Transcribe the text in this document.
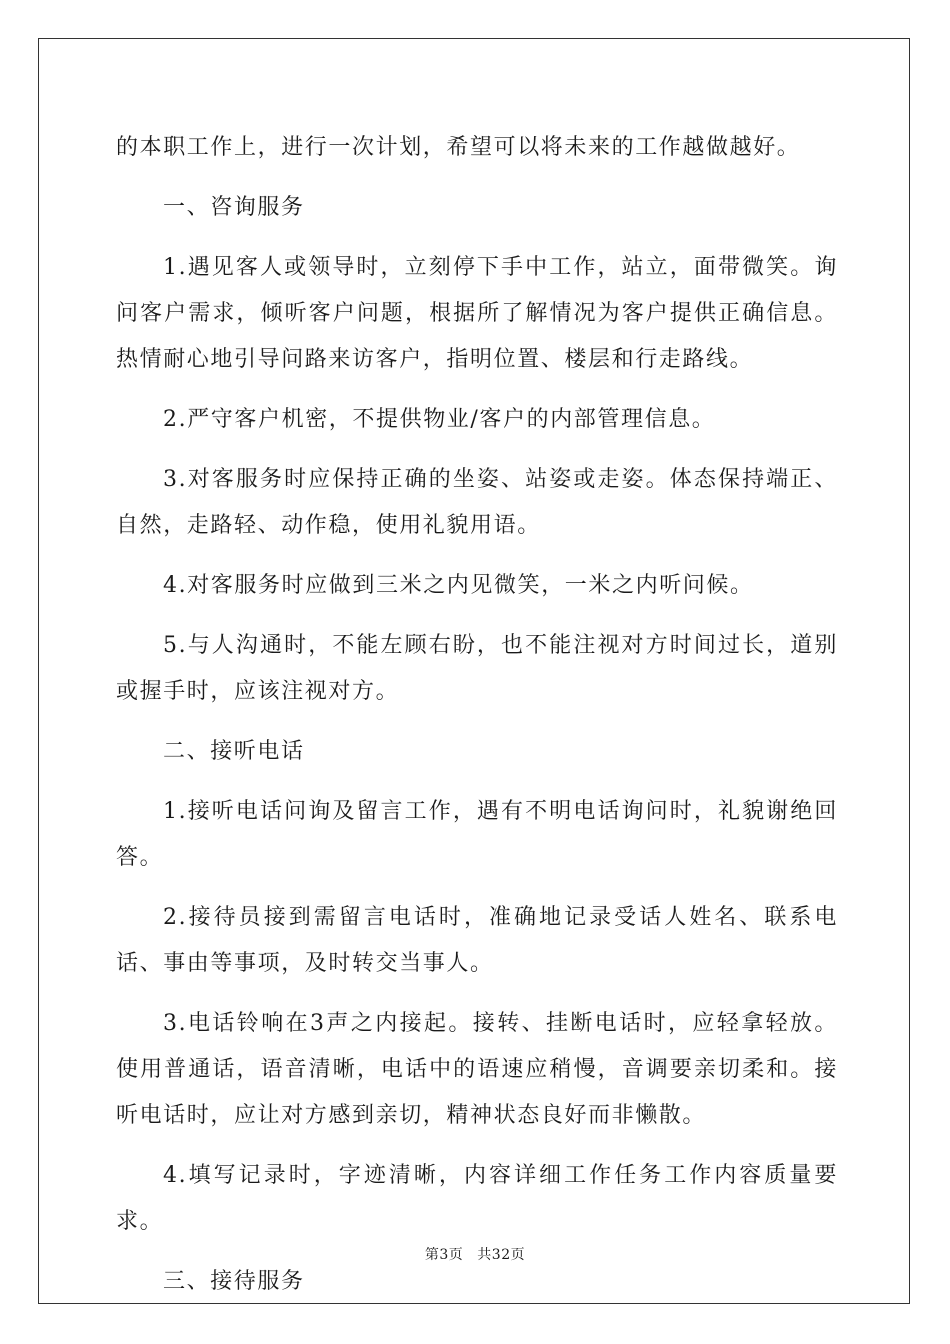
的本职工作上，进行一次计划，希望可以将未来的工作越做越好。

一、咨询服务

1.遇见客人或领导时，立刻停下手中工作，站立，面带微笑。询问客户需求，倾听客户问题，根据所了解情况为客户提供正确信息。热情耐心地引导问路来访客户，指明位置、楼层和行走路线。

2.严守客户机密，不提供物业/客户的内部管理信息。

3.对客服务时应保持正确的坐姿、站姿或走姿。体态保持端正、自然，走路轻、动作稳，使用礼貌用语。

4.对客服务时应做到三米之内见微笑，一米之内听问候。

5.与人沟通时，不能左顾右盼，也不能注视对方时间过长，道别或握手时，应该注视对方。

二、接听电话

1.接听电话问询及留言工作，遇有不明电话询问时，礼貌谢绝回答。

2.接待员接到需留言电话时，准确地记录受话人姓名、联系电话、事由等事项，及时转交当事人。

3.电话铃响在3声之内接起。接转、挂断电话时，应轻拿轻放。使用普通话，语音清晰，电话中的语速应稍慢，音调要亲切柔和。接听电话时，应让对方感到亲切，精神状态良好而非懒散。

4.填写记录时，字迹清晰，内容详细工作任务工作内容质量要求。

三、接待服务

第3页 共32页
